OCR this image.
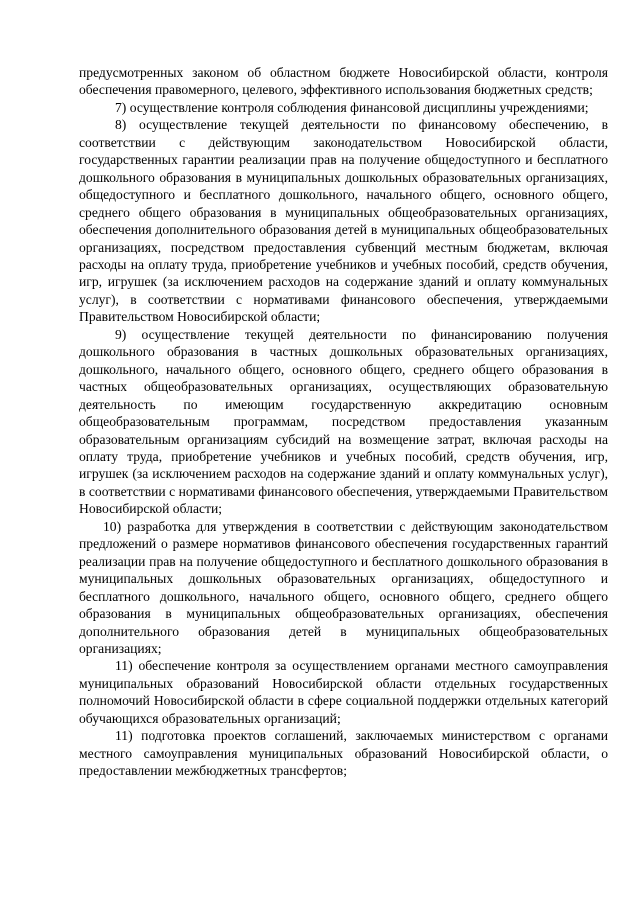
предусмотренных законом об областном бюджете Новосибирской области, контроля обеспечения правомерного, целевого, эффективного использования бюджетных средств;

7) осуществление контроля соблюдения финансовой дисциплины учреждениями;

8) осуществление текущей деятельности по финансовому обеспечению, в соответствии с действующим законодательством Новосибирской области, государственных гарантии реализации прав на получение общедоступного и бесплатного дошкольного образования в муниципальных дошкольных образовательных организациях, общедоступного и бесплатного дошкольного, начального общего, основного общего, среднего общего образования в муниципальных общеобразовательных организациях, обеспечения дополнительного образования детей в муниципальных общеобразовательных организациях, посредством предоставления субвенций местным бюджетам, включая расходы на оплату труда, приобретение учебников и учебных пособий, средств обучения, игр, игрушек (за исключением расходов на содержание зданий и оплату коммунальных услуг), в соответствии с нормативами финансового обеспечения, утверждаемыми Правительством Новосибирской области;

9) осуществление текущей деятельности по финансированию получения дошкольного образования в частных дошкольных образовательных организациях, дошкольного, начального общего, основного общего, среднего общего образования в частных общеобразовательных организациях, осуществляющих образовательную деятельность по имеющим государственную аккредитацию основным общеобразовательным программам, посредством предоставления указанным образовательным организациям субсидий на возмещение затрат, включая расходы на оплату труда, приобретение учебников и учебных пособий, средств обучения, игр, игрушек (за исключением расходов на содержание зданий и оплату коммунальных услуг), в соответствии с нормативами финансового обеспечения, утверждаемыми Правительством Новосибирской области;

10) разработка для утверждения в соответствии с действующим законодательством предложений о размере нормативов финансового обеспечения государственных гарантий реализации прав на получение общедоступного и бесплатного дошкольного образования в муниципальных дошкольных образовательных организациях, общедоступного и бесплатного дошкольного, начального общего, основного общего, среднего общего образования в муниципальных общеобразовательных организациях, обеспечения дополнительного образования детей в муниципальных общеобразовательных организациях;

11) обеспечение контроля за осуществлением органами местного самоуправления муниципальных образований Новосибирской области отдельных государственных полномочий Новосибирской области в сфере социальной поддержки отдельных категорий обучающихся образовательных организаций;

11) подготовка проектов соглашений, заключаемых министерством с органами местного самоуправления муниципальных образований Новосибирской области, о предоставлении межбюджетных трансфертов;
